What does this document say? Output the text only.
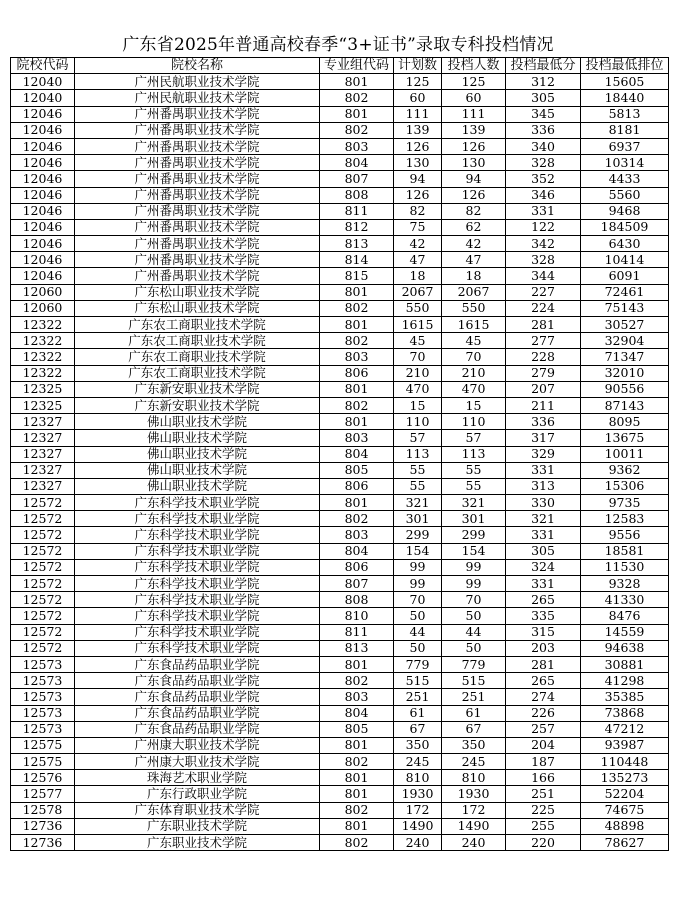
广东省2025年普通高校春季“3+证书”录取专科投档情况
院校代码	院校名称	专业组代码	计划数	投档人数	投档最低分	投档最低排位
12040	广州民航职业技术学院	801	125	125	312	15605
12040	广州民航职业技术学院	802	60	60	305	18440
12046	广州番禺职业技术学院	801	111	111	345	5813
12046	广州番禺职业技术学院	802	139	139	336	8181
12046	广州番禺职业技术学院	803	126	126	340	6937
12046	广州番禺职业技术学院	804	130	130	328	10314
12046	广州番禺职业技术学院	807	94	94	352	4433
12046	广州番禺职业技术学院	808	126	126	346	5560
12046	广州番禺职业技术学院	811	82	82	331	9468
12046	广州番禺职业技术学院	812	75	62	122	184509
12046	广州番禺职业技术学院	813	42	42	342	6430
12046	广州番禺职业技术学院	814	47	47	328	10414
12046	广州番禺职业技术学院	815	18	18	344	6091
12060	广东松山职业技术学院	801	2067	2067	227	72461
12060	广东松山职业技术学院	802	550	550	224	75143
12322	广东农工商职业技术学院	801	1615	1615	281	30527
12322	广东农工商职业技术学院	802	45	45	277	32904
12322	广东农工商职业技术学院	803	70	70	228	71347
12322	广东农工商职业技术学院	806	210	210	279	32010
12325	广东新安职业技术学院	801	470	470	207	90556
12325	广东新安职业技术学院	802	15	15	211	87143
12327	佛山职业技术学院	801	110	110	336	8095
12327	佛山职业技术学院	803	57	57	317	13675
12327	佛山职业技术学院	804	113	113	329	10011
12327	佛山职业技术学院	805	55	55	331	9362
12327	佛山职业技术学院	806	55	55	313	15306
12572	广东科学技术职业学院	801	321	321	330	9735
12572	广东科学技术职业学院	802	301	301	321	12583
12572	广东科学技术职业学院	803	299	299	331	9556
12572	广东科学技术职业学院	804	154	154	305	18581
12572	广东科学技术职业学院	806	99	99	324	11530
12572	广东科学技术职业学院	807	99	99	331	9328
12572	广东科学技术职业学院	808	70	70	265	41330
12572	广东科学技术职业学院	810	50	50	335	8476
12572	广东科学技术职业学院	811	44	44	315	14559
12572	广东科学技术职业学院	813	50	50	203	94638
12573	广东食品药品职业学院	801	779	779	281	30881
12573	广东食品药品职业学院	802	515	515	265	41298
12573	广东食品药品职业学院	803	251	251	274	35385
12573	广东食品药品职业学院	804	61	61	226	73868
12573	广东食品药品职业学院	805	67	67	257	47212
12575	广州康大职业技术学院	801	350	350	204	93987
12575	广州康大职业技术学院	802	245	245	187	110448
12576	珠海艺术职业学院	801	810	810	166	135273
12577	广东行政职业学院	801	1930	1930	251	52204
12578	广东体育职业技术学院	802	172	172	225	74675
12736	广东职业技术学院	801	1490	1490	255	48898
12736	广东职业技术学院	802	240	240	220	78627
